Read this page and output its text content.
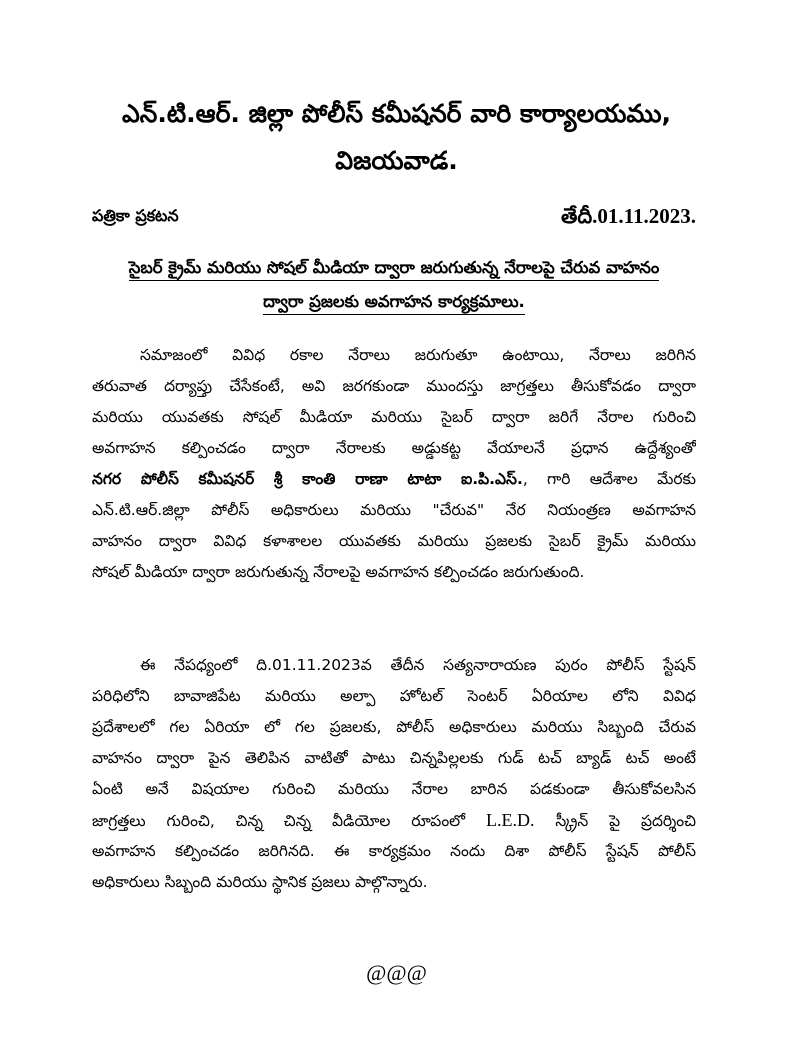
ఎన్.టి.ఆర్. జిల్లా పోలీస్ కమీషనర్ వారి కార్యాలయము,
విజయవాడ.
పత్రికా ప్రకటన	తేదీ.01.11.2023.
సైబర్ క్రైమ్ మరియు సోషల్ మీడియా ద్వారా జరుగుతున్న నేరాలపై చేరువ వాహనం
ద్వారా ప్రజలకు అవగాహన కార్యక్రమాలు.
సమాజంలో వివిధ రకాల నేరాలు జరుగుతూ ఉంటాయి, నేరాలు జరిగిన
తరువాత దర్యాప్తు చేసేకంటే, అవి జరగకుండా ముందస్తు జాగ్రత్తలు తీసుకోవడం ద్వారా
మరియు యువతకు సోషల్ మీడియా మరియు సైబర్ ద్వారా జరిగే నేరాల గురించి
అవగాహన కల్పించడం ద్వారా నేరాలకు అడ్డుకట్ట వేయాలనే ప్రధాన ఉద్దేశ్యంతో
నగర పోలీస్ కమీషనర్ శ్రీ కాంతి రాణా టాటా ఐ.పి.ఎస్., గారి ఆదేశాల మేరకు
ఎన్.టి.ఆర్.జిల్లా పోలీస్ అధికారులు మరియు "చేరువ" నేర నియంత్రణ అవగాహన
వాహనం ద్వారా వివిధ కళాశాలల యువతకు మరియు ప్రజలకు సైబర్ క్రైమ్ మరియు
సోషల్ మీడియా ద్వారా జరుగుతున్న నేరాలపై అవగాహన కల్పించడం జరుగుతుంది.
ఈ నేపధ్యంలో ది.01.11.2023వ తేదీన సత్యనారాయణ పురం పోలీస్ స్టేషన్
పరిధిలోని బావాజిపేట మరియు అల్పా హోటల్ సెంటర్ ఏరియాల లోని వివిధ
ప్రదేశాలలో గల ఏరియా లో గల ప్రజలకు, పోలీస్ అధికారులు మరియు సిబ్బంది చేరువ
వాహనం ద్వారా పైన తెలిపిన వాటితో పాటు చిన్నపిల్లలకు గుడ్ టచ్ బ్యాడ్ టచ్ అంటే
ఏంటి అనే విషయాల గురించి మరియు నేరాల బారిన పడకుండా తీసుకోవలసిన
జాగ్రత్తలు గురించి, చిన్న చిన్న వీడియోల రూపంలో L.E.D. స్క్రీన్ పై ప్రదర్శించి
అవగాహన కల్పించడం జరిగినది. ఈ కార్యక్రమం నందు దిశా పోలీస్ స్టేషన్ పోలీస్
అధికారులు సిబ్బంది మరియు స్థానిక ప్రజలు పాల్గొన్నారు.
@@@
